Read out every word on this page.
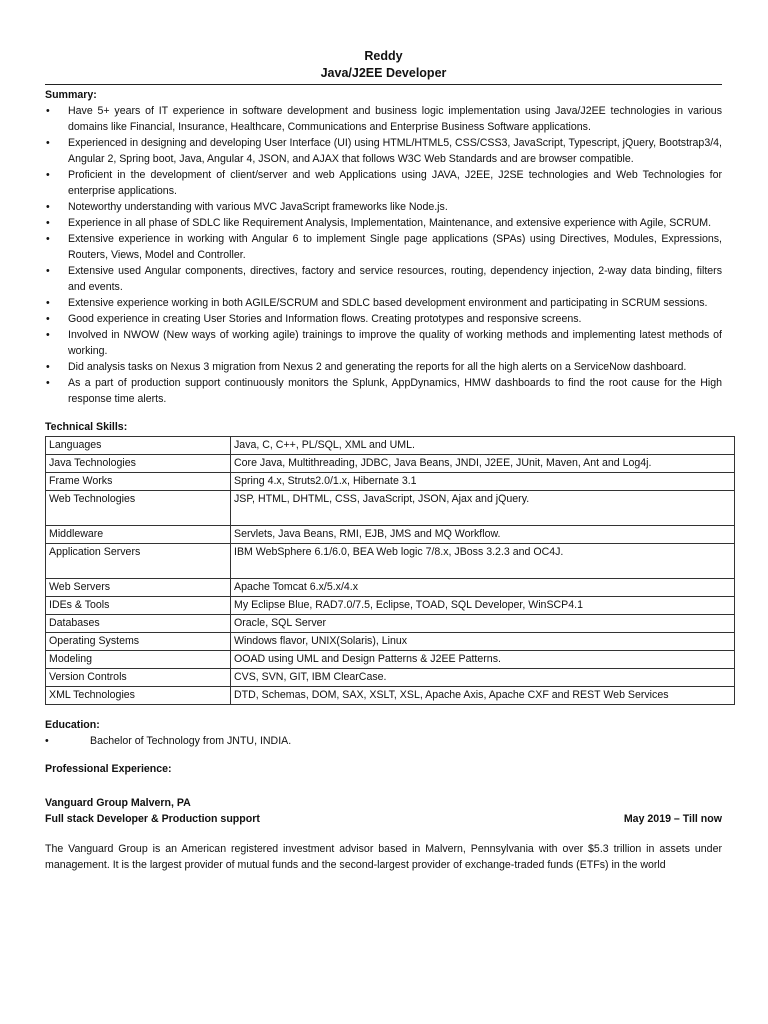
Reddy
Java/J2EE Developer
Summary:
• Have 5+ years of IT experience in software development and business logic implementation using Java/J2EE technologies in various domains like Financial, Insurance, Healthcare, Communications and Enterprise Business Software applications.
• Experienced in designing and developing User Interface (UI) using HTML/HTML5, CSS/CSS3, JavaScript, Typescript, jQuery, Bootstrap3/4, Angular 2, Spring boot, Java, Angular 4, JSON, and AJAX that follows W3C Web Standards and are browser compatible.
• Proficient in the development of client/server and web Applications using JAVA, J2EE, J2SE technologies and Web Technologies for enterprise applications.
• Noteworthy understanding with various MVC JavaScript frameworks like Node.js.
• Experience in all phase of SDLC like Requirement Analysis, Implementation, Maintenance, and extensive experience with Agile, SCRUM.
• Extensive experience in working with Angular 6 to implement Single page applications (SPAs) using Directives, Modules, Expressions, Routers, Views, Model and Controller.
• Extensive used Angular components, directives, factory and service resources, routing, dependency injection, 2-way data binding, filters and events.
• Extensive experience working in both AGILE/SCRUM and SDLC based development environment and participating in SCRUM sessions.
• Good experience in creating User Stories and Information flows. Creating prototypes and responsive screens.
• Involved in NWOW (New ways of working agile) trainings to improve the quality of working methods and implementing latest methods of working.
• Did analysis tasks on Nexus 3 migration from Nexus 2 and generating the reports for all the high alerts on a ServiceNow dashboard.
• As a part of production support continuously monitors the Splunk, AppDynamics, HMW dashboards to find the root cause for the High response time alerts.
Technical Skills:
Languages	Java, C, C++, PL/SQL, XML and UML.
Java Technologies	Core Java, Multithreading, JDBC, Java Beans, JNDI, J2EE, JUnit, Maven, Ant and Log4j.
Frame Works	Spring 4.x, Struts2.0/1.x, Hibernate 3.1
Web Technologies	JSP, HTML, DHTML, CSS, JavaScript, JSON, Ajax and jQuery.
Middleware	Servlets, Java Beans, RMI, EJB, JMS and MQ Workflow.
Application Servers	IBM WebSphere 6.1/6.0, BEA Web logic 7/8.x, JBoss 3.2.3 and OC4J.
Web Servers	Apache Tomcat 6.x/5.x/4.x
IDEs & Tools	My Eclipse Blue, RAD7.0/7.5, Eclipse, TOAD, SQL Developer, WinSCP4.1
Databases	Oracle, SQL Server
Operating Systems	Windows flavor, UNIX(Solaris), Linux
Modeling	OOAD using UML and Design Patterns & J2EE Patterns.
Version Controls	CVS, SVN, GIT, IBM ClearCase.
XML Technologies	DTD, Schemas, DOM, SAX, XSLT, XSL, Apache Axis, Apache CXF and REST Web Services
Education:
•	Bachelor of Technology from JNTU, INDIA.
Professional Experience:
Vanguard Group Malvern, PA
Full stack Developer & Production support	May 2019 – Till now
The Vanguard Group is an American registered investment advisor based in Malvern, Pennsylvania with over $5.3 trillion in assets under management. It is the largest provider of mutual funds and the second-largest provider of exchange-traded funds (ETFs) in the world
